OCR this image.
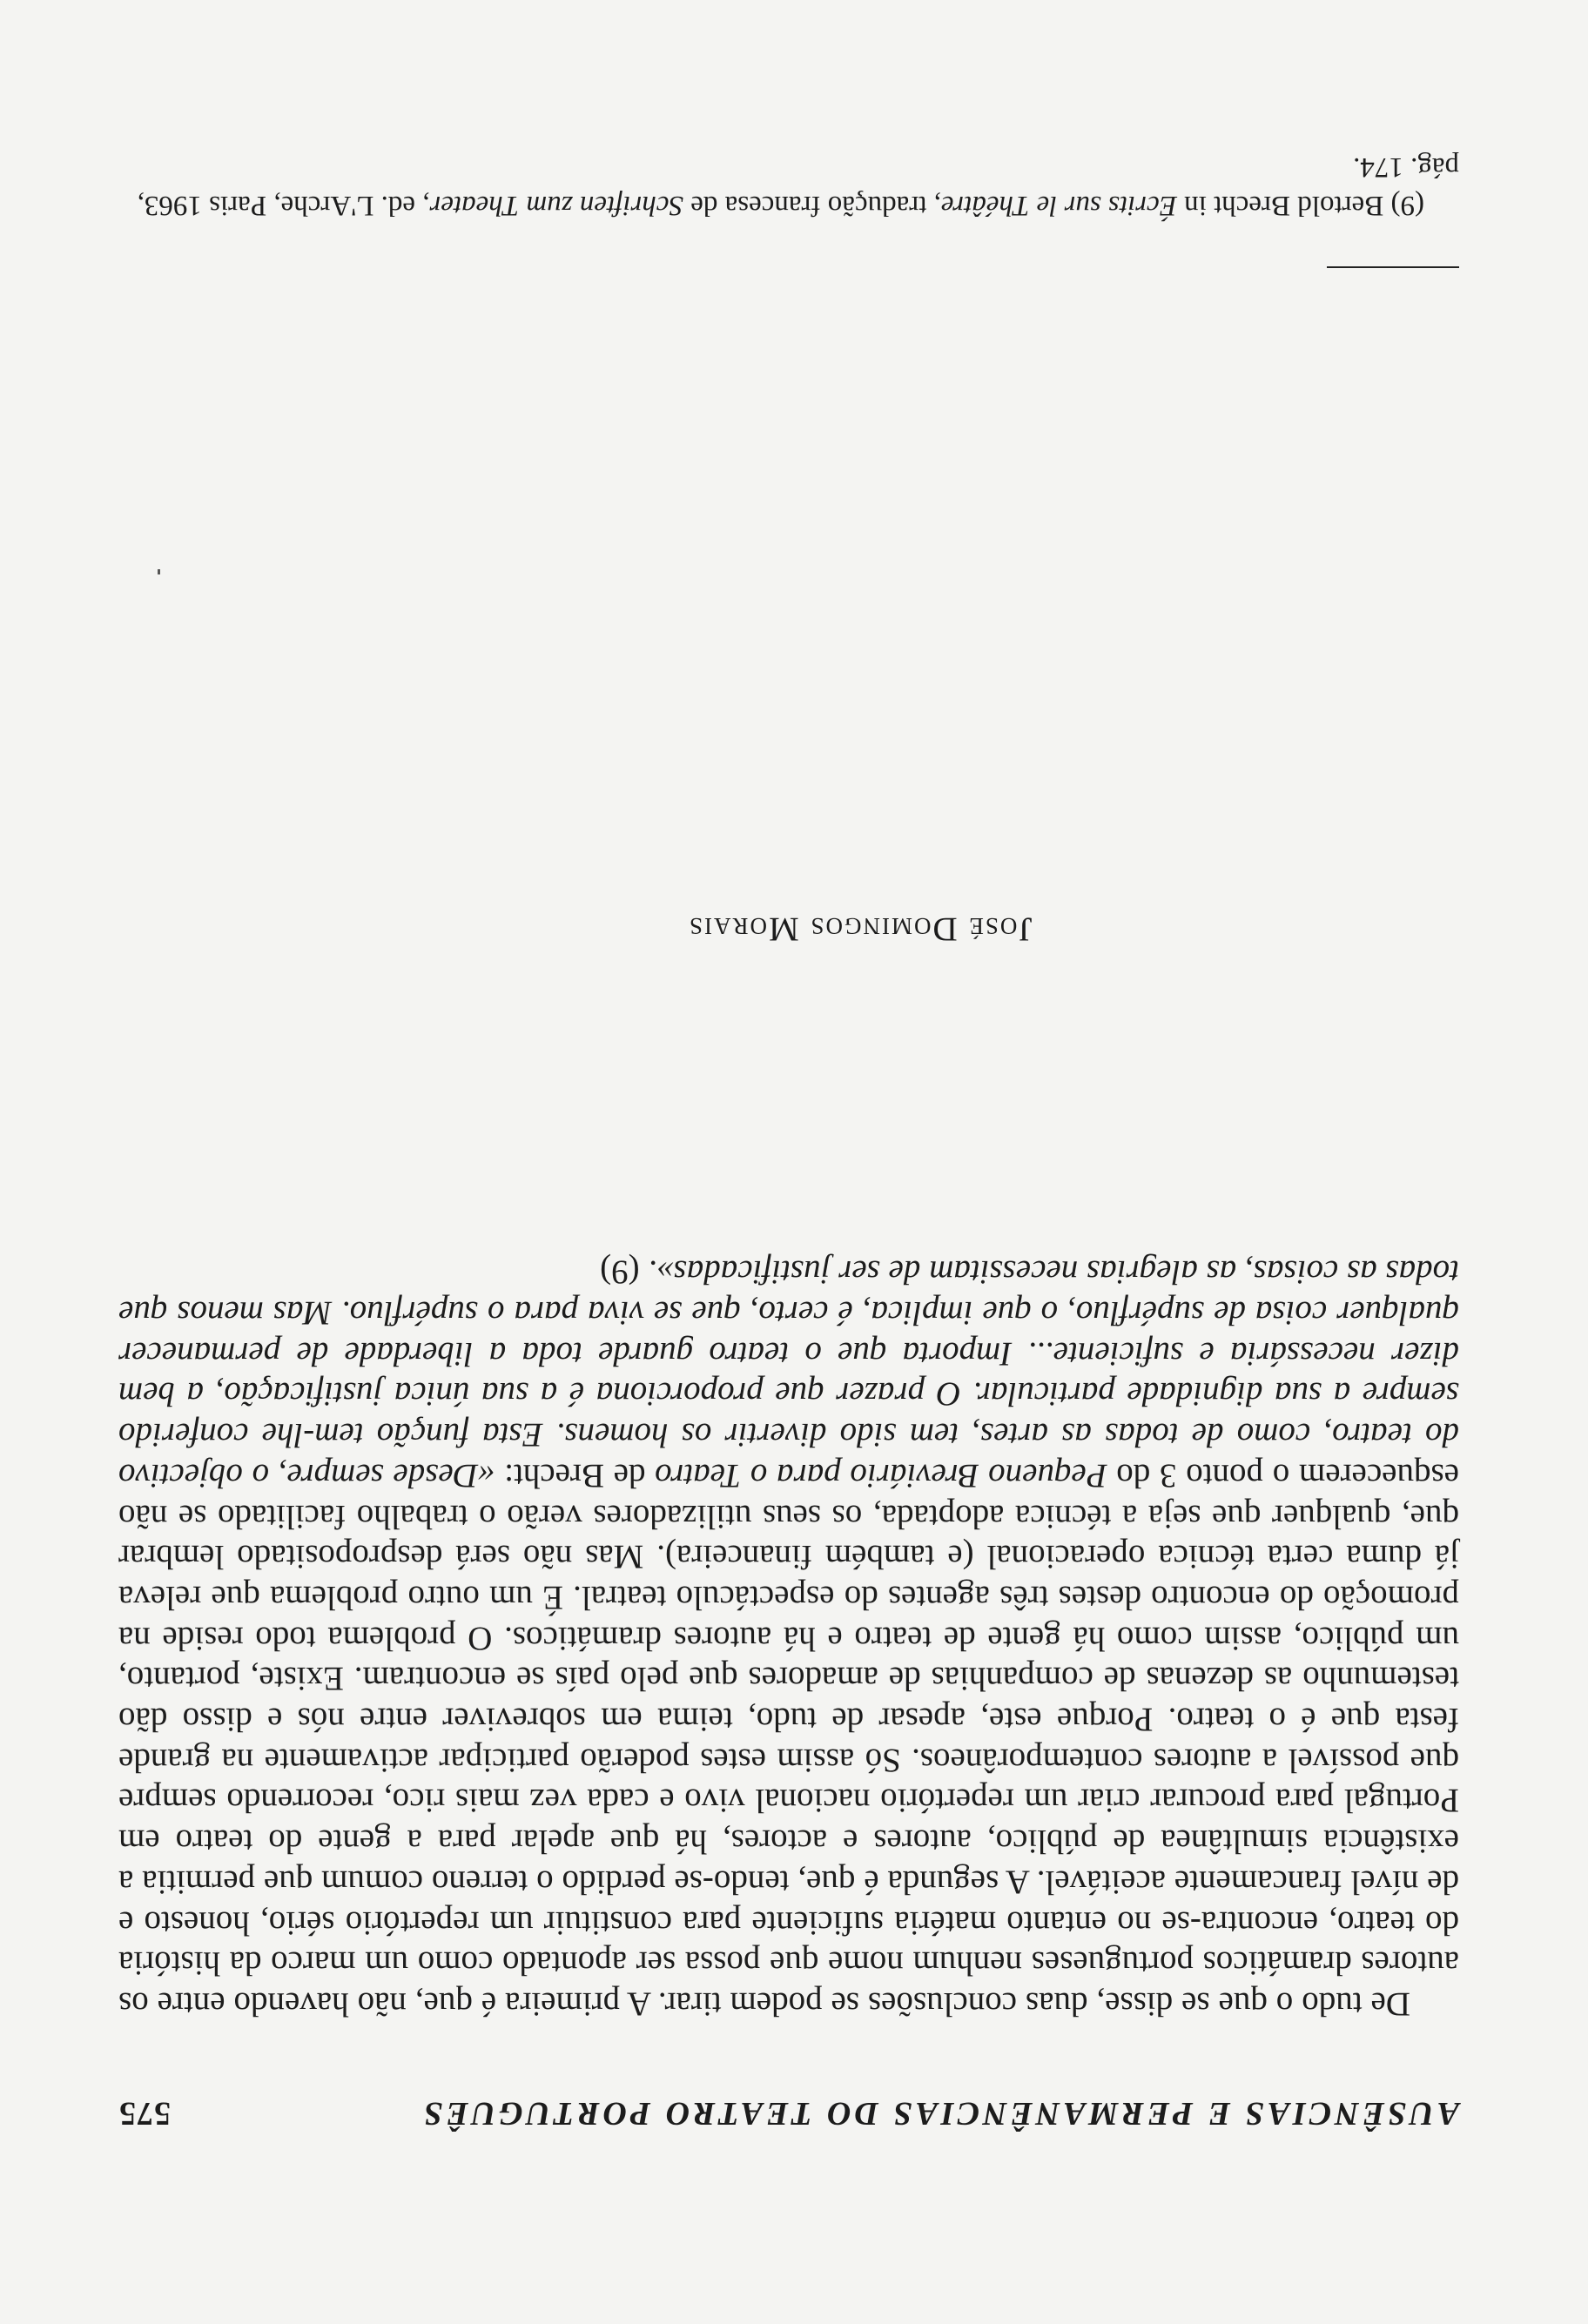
AUSÊNCIAS E PERMANÊNCIAS DO TEATRO PORTUGUÊS
575

De tudo o que se disse, duas conclusões se podem tirar. A primeira é que, não havendo entre os autores dramáticos portugueses nenhum nome que possa ser apontado como um marco da história do teatro, encontra-se no entanto matéria suficiente para constituir um repertório sério, honesto e de nível francamente aceitável. A segunda é que, tendo-se perdido o terreno comum que permitia a existência simultânea de público, autores e actores, há que apelar para a gente do teatro em Portugal para procurar criar um repertório nacional vivo e cada vez mais rico, recorrendo sempre que possível a autores contemporâneos. Só assim estes poderão participar activamente na grande festa que é o teatro. Porque este, apesar de tudo, teima em sobreviver entre nós e disso dão testemunho as dezenas de companhias de amadores que pelo país se encontram. Existe, portanto, um público, assim como há gente de teatro e há autores dramáticos. O problema todo reside na promoção do encontro destes três agentes do espectáculo teatral. É um outro problema que releva já duma certa técnica operacional (e também financeira). Mas não será despropositado lembrar que, qualquer que seja a técnica adoptada, os seus utilizadores verão o trabalho facilitado se não esquecerem o ponto 3 do Pequeno Breviário para o Teatro de Brecht: «Desde sempre, o objectivo do teatro, como de todas as artes, tem sido divertir os homens. Esta função tem-lhe conferido sempre a sua dignidade particular. O prazer que proporciona é a sua única justificação, a bem dizer necessária e suficiente... Importa que o teatro guarde toda a liberdade de permanecer qualquer coisa de supérfluo, o que implica, é certo, que se viva para o supérfluo. Mas menos que todas as coisas, as alegrias necessitam de ser justificadas». (9)

José Domingos Morais
(9) Bertold Brecht in Écrits sur le Théâtre, tradução francesa de Schriften zum Theater, ed. L'Arche, Paris 1963, pág. 174.
